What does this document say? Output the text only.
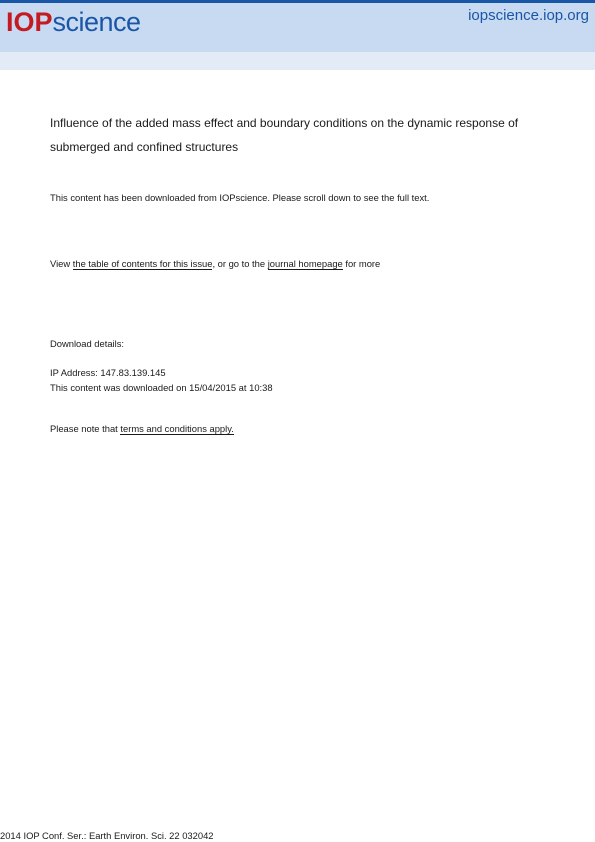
IOPscience	iopscience.iop.org
Influence of the added mass effect and boundary conditions on the dynamic response of submerged and confined structures
This content has been downloaded from IOPscience. Please scroll down to see the full text.
View the table of contents for this issue, or go to the journal homepage for more
Download details:
IP Address: 147.83.139.145
This content was downloaded on 15/04/2015 at 10:38
Please note that terms and conditions apply.
2014 IOP Conf. Ser.: Earth Environ. Sci. 22 032042
